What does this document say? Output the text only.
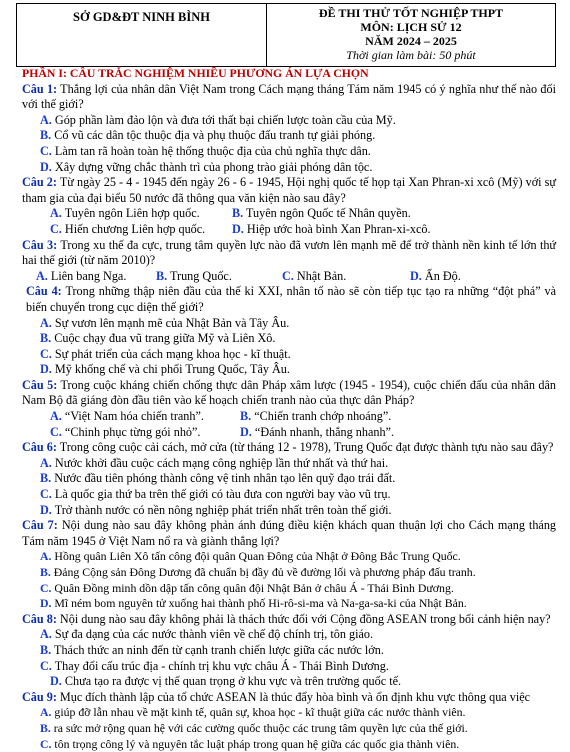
SỞ GD&ĐT NINH BÌNH	ĐỀ THI THỬ TỐT NGHIỆP THPT
MÔN: LỊCH SỬ 12
NĂM 2024 – 2025
Thời gian làm bài: 50 phút
PHẦN I: CÂU TRẮC NGHIỆM NHIỀU PHƯƠNG ÁN LỰA CHỌN
Câu 1: Thắng lợi của nhân dân Việt Nam trong Cách mạng tháng Tám năm 1945 có ý nghĩa như thế nào đối với thế giới?
A. Góp phần làm đảo lộn và đưa tới thất bại chiến lược toàn cầu của Mỹ.
B. Cổ vũ các dân tộc thuộc địa và phụ thuộc đấu tranh tự giải phóng.
C. Làm tan rã hoàn toàn hệ thống thuộc địa của chủ nghĩa thực dân.
D. Xây dựng vững chắc thành trì của phong trào giải phóng dân tộc.
Câu 2: Từ ngày 25 - 4 - 1945 đến ngày 26 - 6 - 1945, Hội nghị quốc tế họp tại Xan Phran-xi xcô (Mỹ) với sự tham gia của đại biểu 50 nước đã thông qua văn kiện nào sau đây?
A. Tuyên ngôn Liên hợp quốc.	B. Tuyên ngôn Quốc tế Nhân quyền.
C. Hiến chương Liên hợp quốc.	D. Hiệp ước hoà bình Xan Phran-xi-xcô.
Câu 3: Trong xu thế đa cực, trung tâm quyền lực nào đã vươn lên mạnh mẽ để trở thành nền kinh tế lớn thứ hai thế giới (từ năm 2010)?
A. Liên bang Nga.	B. Trung Quốc.	C. Nhật Bản.	D. Ấn Độ.
Câu 4: Trong những thập niên đầu của thế kỉ XXI, nhân tố nào sẽ còn tiếp tục tạo ra những “đột phá” và biến chuyển trong cục diện thế giới?
A. Sự vươn lên mạnh mẽ của Nhật Bản và Tây Âu.
B. Cuộc chạy đua vũ trang giữa Mỹ và Liên Xô.
C. Sự phát triển của cách mạng khoa học - kĩ thuật.
D. Mỹ khống chế và chi phối Trung Quốc, Tây Âu.
Câu 5: Trong cuộc kháng chiến chống thực dân Pháp xâm lược (1945 - 1954), cuộc chiến đấu của nhân dân Nam Bộ đã giáng đòn đầu tiên vào kế hoạch chiến tranh nào của thực dân Pháp?
A. “Việt Nam hóa chiến tranh”.	B. “Chiến tranh chớp nhoáng”.
C. “Chinh phục từng gói nhỏ”.	D. “Đánh nhanh, thắng nhanh”.
Câu 6: Trong công cuộc cải cách, mở cửa (từ tháng 12 - 1978), Trung Quốc đạt được thành tựu nào sau đây?
A. Nước khởi đầu cuộc cách mạng công nghiệp lần thứ nhất và thứ hai.
B. Nước đầu tiên phóng thành công vệ tinh nhân tạo lên quỹ đạo trái đất.
C. Là quốc gia thứ ba trên thế giới có tàu đưa con người bay vào vũ trụ.
D. Trở thành nước có nền nông nghiệp phát triển nhất trên toàn thế giới.
Câu 7: Nội dung nào sau đây không phản ánh đúng điều kiện khách quan thuận lợi cho Cách mạng tháng Tám năm 1945 ở Việt Nam nổ ra và giành thắng lợi?
A. Hồng quân Liên Xô tấn công đội quân Quan Đông của Nhật ở Đông Bắc Trung Quốc.
B. Đảng Cộng sản Đông Dương đã chuẩn bị đầy đủ về đường lối và phương pháp đấu tranh.
C. Quân Đồng minh dồn dập tấn công quân đội Nhật Bản ở châu Á - Thái Bình Dương.
D. Mĩ ném bom nguyên tử xuống hai thành phố Hi-rô-si-ma và Na-ga-sa-ki của Nhật Bản.
Câu 8: Nội dung nào sau đây không phải là thách thức đối với Cộng đồng ASEAN trong bối cảnh hiện nay?
A. Sự đa dạng của các nước thành viên về chế độ chính trị, tôn giáo.
B. Thách thức an ninh đến từ cạnh tranh chiến lược giữa các nước lớn.
C. Thay đổi cấu trúc địa - chính trị khu vực châu Á - Thái Bình Dương.
D. Chưa tạo ra được vị thế quan trọng ở khu vực và trên trường quốc tế.
Câu 9: Mục đích thành lập của tổ chức ASEAN là thúc đẩy hòa bình và ổn định khu vực thông qua việc
A. giúp đỡ lẫn nhau về mặt kinh tế, quân sự, khoa học - kĩ thuật giữa các nước thành viên.
B. ra sức mở rộng quan hệ với các cường quốc thuộc các trung tâm quyền lực của thế giới.
C. tôn trọng công lý và nguyên tắc luật pháp trong quan hệ giữa các quốc gia thành viên.
